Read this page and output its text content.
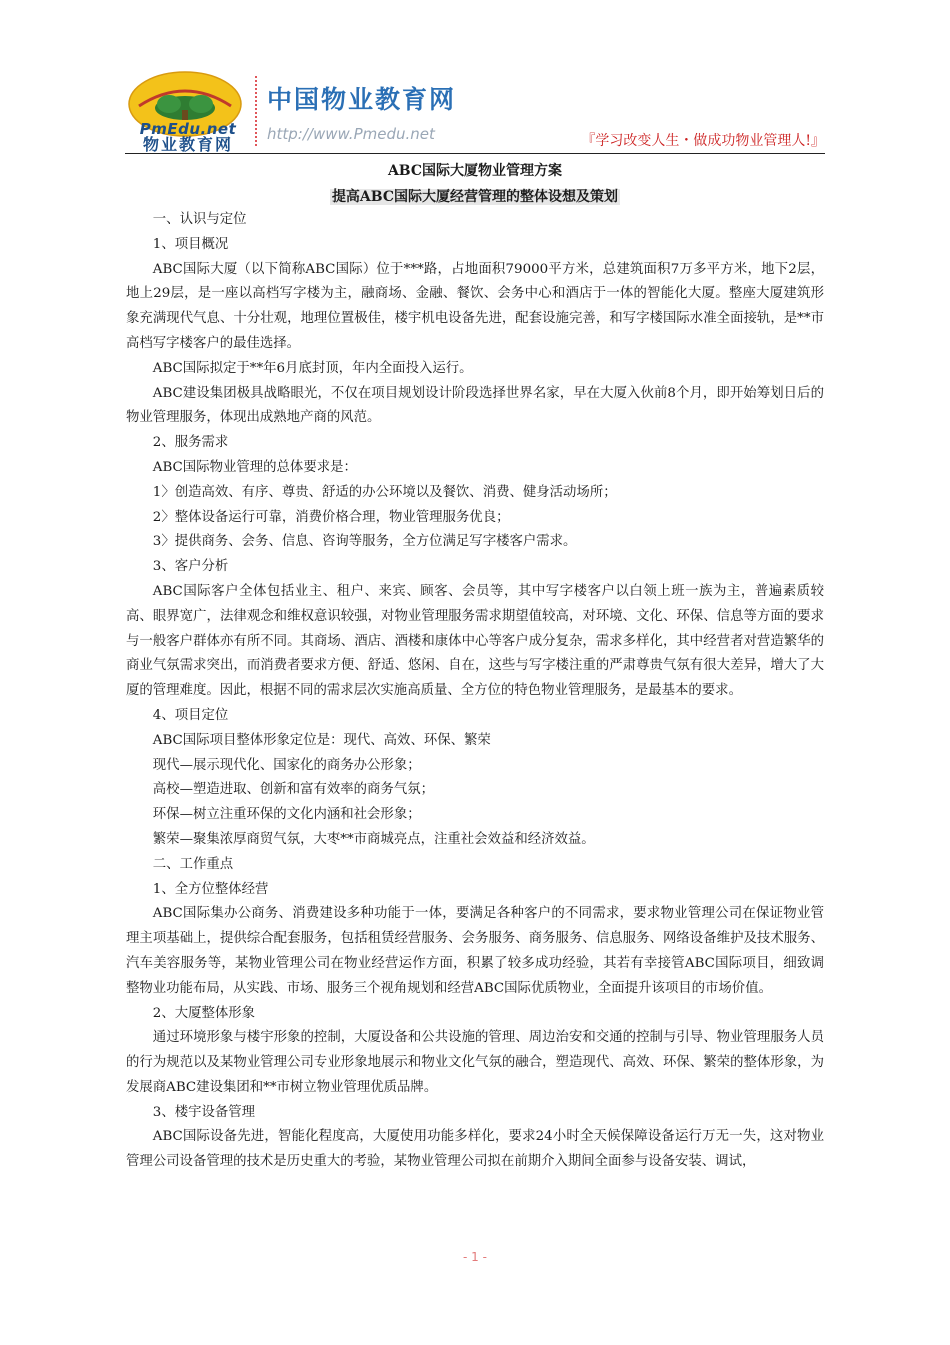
PmEdu.net
物业教育网
中国物业教育网
http://www.Pmedu.net	『学习改变人生・做成功物业管理人!』
ABC国际大厦物业管理方案
提高ABC国际大厦经营管理的整体设想及策划

一、认识与定位

1、项目概况

ABC国际大厦（以下简称ABC国际）位于***路，占地面积79000平方米，总建筑面积7万多平方米，地下2层，地上29层，是一座以高档写字楼为主，融商场、金融、餐饮、会务中心和酒店于一体的智能化大厦。整座大厦建筑形象充满现代气息、十分壮观，地理位置极佳，楼宇机电设备先进，配套设施完善，和写字楼国际水准全面接轨，是**市高档写字楼客户的最佳选择。

ABC国际拟定于**年6月底封顶，年内全面投入运行。

ABC建设集团极具战略眼光，不仅在项目规划设计阶段选择世界名家，早在大厦入伙前8个月，即开始筹划日后的物业管理服务，体现出成熟地产商的风范。

2、服务需求

ABC国际物业管理的总体要求是：

1〉创造高效、有序、尊贵、舒适的办公环境以及餐饮、消费、健身活动场所；

2〉整体设备运行可靠，消费价格合理，物业管理服务优良；

3〉提供商务、会务、信息、咨询等服务，全方位满足写字楼客户需求。

3、客户分析

ABC国际客户全体包括业主、租户、来宾、顾客、会员等，其中写字楼客户以白领上班一族为主，普遍素质较高、眼界宽广，法律观念和维权意识较强，对物业管理服务需求期望值较高，对环境、文化、环保、信息等方面的要求与一般客户群体亦有所不同。其商场、酒店、酒楼和康体中心等客户成分复杂，需求多样化，其中经营者对营造繁华的商业气氛需求突出，而消费者要求方便、舒适、悠闲、自在，这些与写字楼注重的严肃尊贵气氛有很大差异，增大了大厦的管理难度。因此，根据不同的需求层次实施高质量、全方位的特色物业管理服务，是最基本的要求。

4、项目定位

ABC国际项目整体形象定位是：现代、高效、环保、繁荣

现代—展示现代化、国家化的商务办公形象；

高校—塑造进取、创新和富有效率的商务气氛；

环保—树立注重环保的文化内涵和社会形象；

繁荣—聚集浓厚商贸气氛，大枣**市商城亮点，注重社会效益和经济效益。

二、工作重点

1、全方位整体经营

ABC国际集办公商务、消费建设多种功能于一体，要满足各种客户的不同需求，要求物业管理公司在保证物业管理主项基础上，提供综合配套服务，包括租赁经营服务、会务服务、商务服务、信息服务、网络设备维护及技术服务、汽车美容服务等，某物业管理公司在物业经营运作方面，积累了较多成功经验，其若有幸接管ABC国际项目，细致调整物业功能布局，从实践、市场、服务三个视角规划和经营ABC国际优质物业，全面提升该项目的市场价值。

2、大厦整体形象

通过环境形象与楼宇形象的控制，大厦设备和公共设施的管理、周边治安和交通的控制与引导、物业管理服务人员的行为规范以及某物业管理公司专业形象地展示和物业文化气氛的融合，塑造现代、高效、环保、繁荣的整体形象，为发展商ABC建设集团和**市树立物业管理优质品牌。

3、楼宇设备管理

ABC国际设备先进，智能化程度高，大厦使用功能多样化，要求24小时全天候保障设备运行万无一失，这对物业管理公司设备管理的技术是历史重大的考验，某物业管理公司拟在前期介入期间全面参与设备安装、调试，

- 1 -
